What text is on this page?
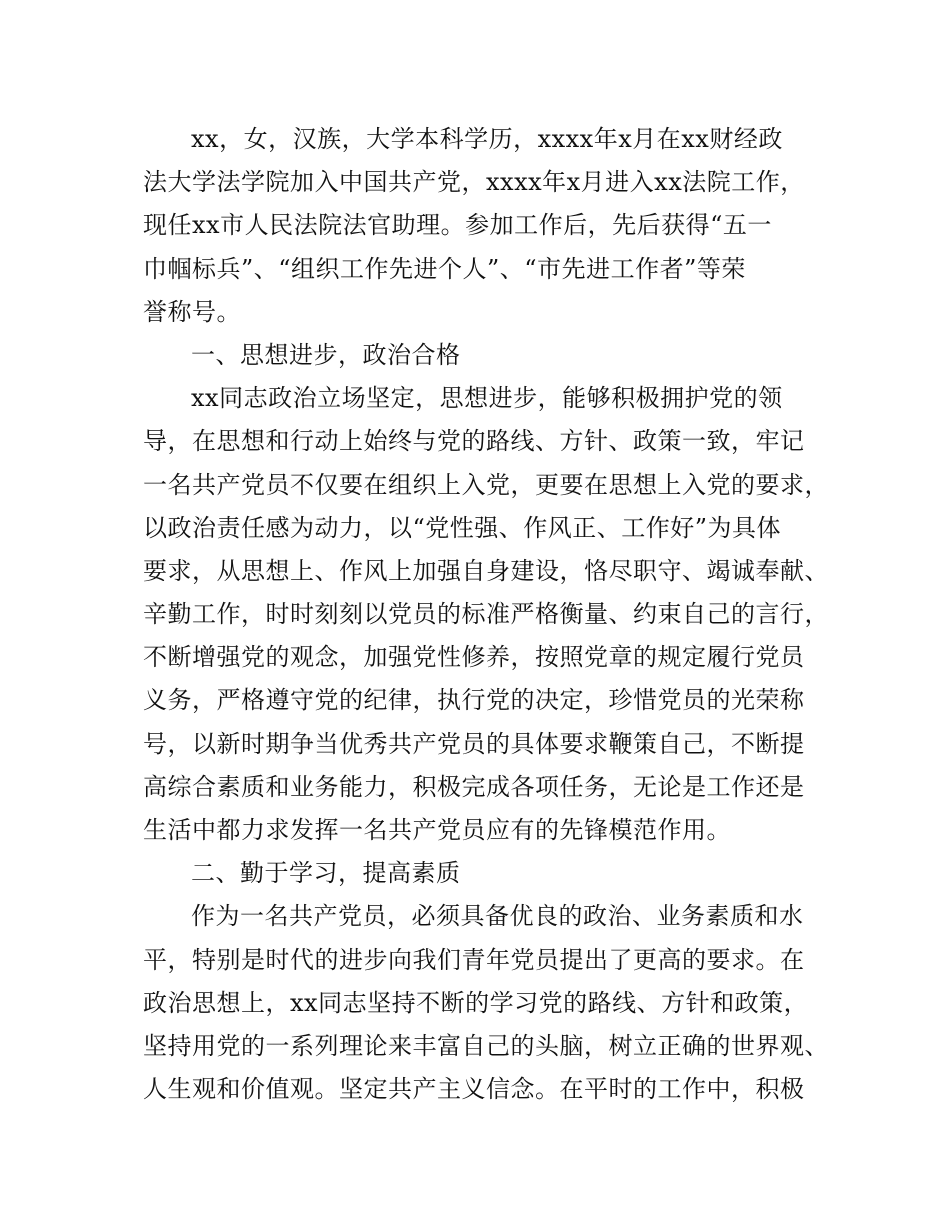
xx，女，汉族，大学本科学历，xxxx年x月在xx财经政
法大学法学院加入中国共产党，xxxx年x月进入xx法院工作，
现任xx市人民法院法官助理。参加工作后，先后获得“五一
巾帼标兵”、“组织工作先进个人”、“市先进工作者”等荣
誉称号。
一、思想进步，政治合格
xx同志政治立场坚定，思想进步，能够积极拥护党的领
导，在思想和行动上始终与党的路线、方针、政策一致，牢记
一名共产党员不仅要在组织上入党，更要在思想上入党的要求，
以政治责任感为动力，以“党性强、作风正、工作好”为具体
要求，从思想上、作风上加强自身建设，恪尽职守、竭诚奉献、
辛勤工作，时时刻刻以党员的标准严格衡量、约束自己的言行，
不断增强党的观念，加强党性修养，按照党章的规定履行党员
义务，严格遵守党的纪律，执行党的决定，珍惜党员的光荣称
号，以新时期争当优秀共产党员的具体要求鞭策自己，不断提
高综合素质和业务能力，积极完成各项任务，无论是工作还是
生活中都力求发挥一名共产党员应有的先锋模范作用。
二、勤于学习，提高素质
作为一名共产党员，必须具备优良的政治、业务素质和水
平，特别是时代的进步向我们青年党员提出了更高的要求。在
政治思想上，xx同志坚持不断的学习党的路线、方针和政策，
坚持用党的一系列理论来丰富自己的头脑，树立正确的世界观、
人生观和价值观。坚定共产主义信念。在平时的工作中，积极
